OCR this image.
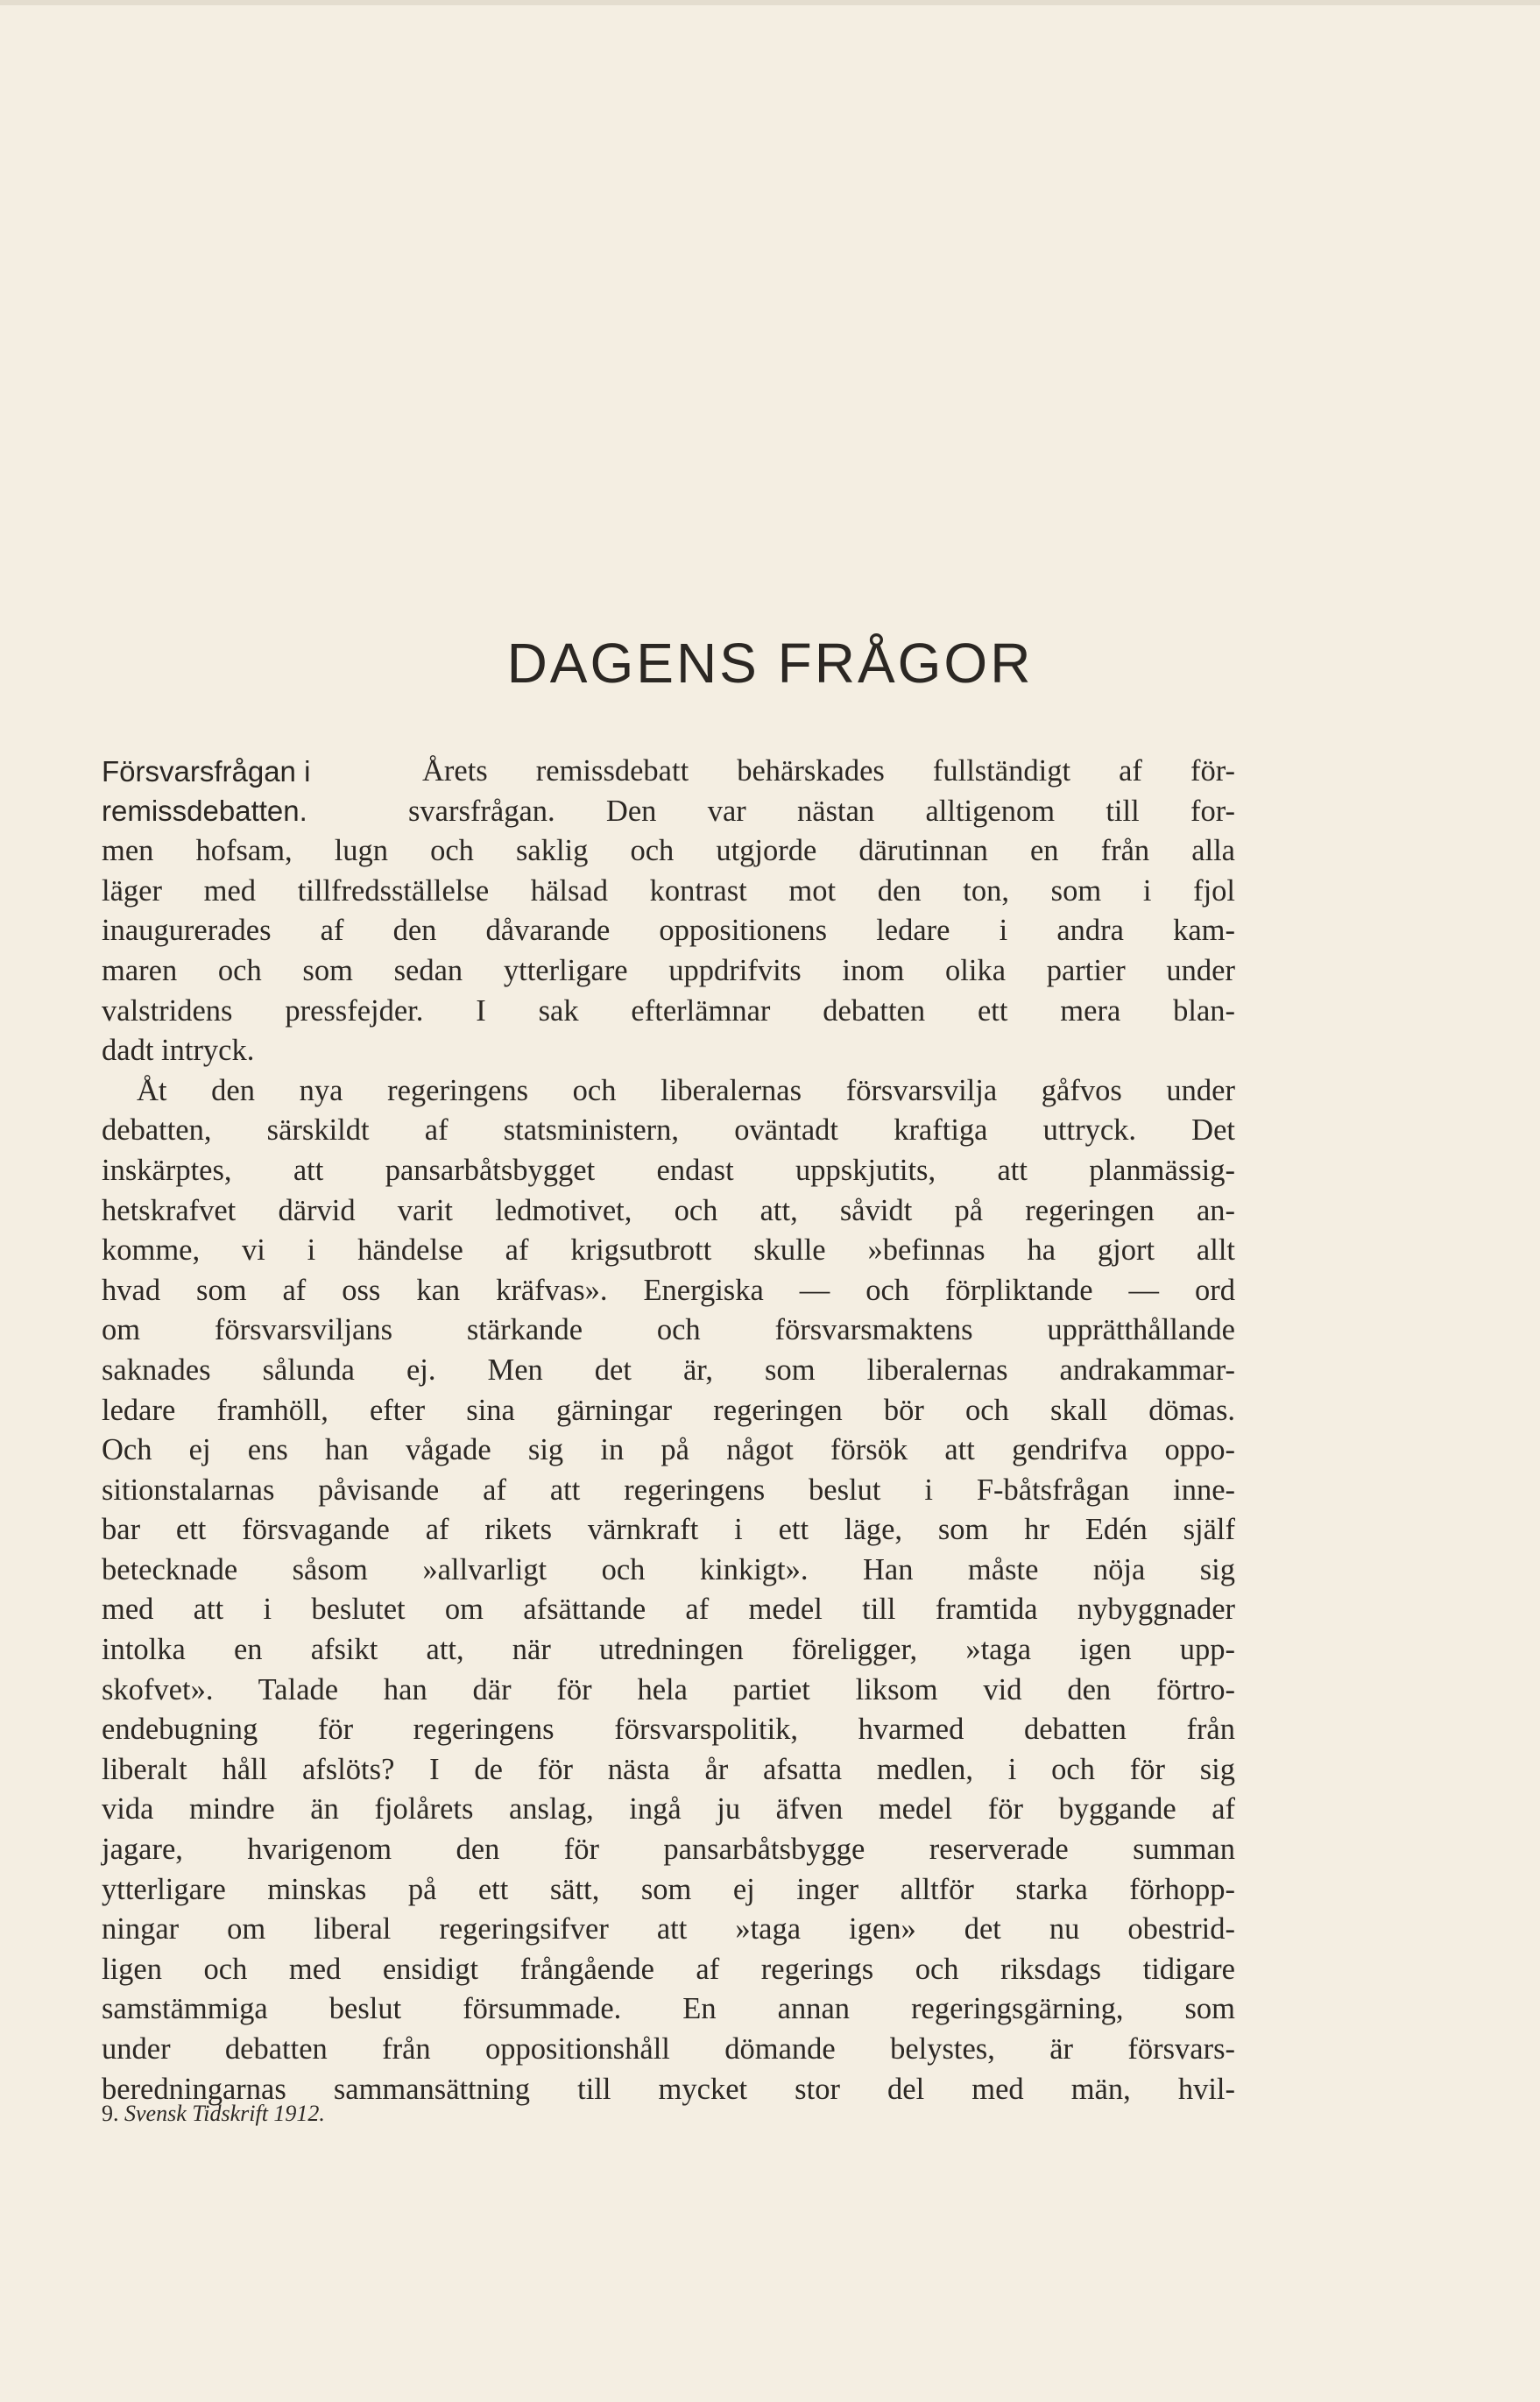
DAGENS FRÅGOR
Försvarsfrågan i
remissdebatten.
Årets remissdebatt behärskades fullständigt af för-
svarsfrågan. Den var nästan alltigenom till for-
men hofsam, lugn och saklig och utgjorde därutinnan en från alla
läger med tillfredsställelse hälsad kontrast mot den ton, som i fjol
inaugurerades af den dåvarande oppositionens ledare i andra kam-
maren och som sedan ytterligare uppdrifvits inom olika partier under
valstridens pressfejder. I sak efterlämnar debatten ett mera blan-
dadt intryck.
Åt den nya regeringens och liberalernas försvarsvilja gåfvos under
debatten, särskildt af statsministern, oväntadt kraftiga uttryck. Det
inskärptes, att pansarbåtsbygget endast uppskjutits, att planmässig-
hetskrafvet därvid varit ledmotivet, och att, såvidt på regeringen an-
komme, vi i händelse af krigsutbrott skulle »befinnas ha gjort allt
hvad som af oss kan kräfvas». Energiska — och förpliktande — ord
om försvarsviljans stärkande och försvarsmaktens upprätthållande
saknades sålunda ej. Men det är, som liberalernas andrakammar-
ledare framhöll, efter sina gärningar regeringen bör och skall dömas.
Och ej ens han vågade sig in på något försök att gendrifva oppo-
sitionstalarnas påvisande af att regeringens beslut i F-båtsfrågan inne-
bar ett försvagande af rikets värnkraft i ett läge, som hr Edén själf
betecknade såsom »allvarligt och kinkigt». Han måste nöja sig
med att i beslutet om afsättande af medel till framtida nybyggnader
intolka en afsikt att, när utredningen föreligger, »taga igen upp-
skofvet». Talade han där för hela partiet liksom vid den förtro-
endebugning för regeringens försvarspolitik, hvarmed debatten från
liberalt håll afslöts? I de för nästa år afsatta medlen, i och för sig
vida mindre än fjolårets anslag, ingå ju äfven medel för byggande af
jagare, hvarigenom den för pansarbåtsbygge reserverade summan
ytterligare minskas på ett sätt, som ej inger alltför starka förhopp-
ningar om liberal regeringsifver att »taga igen» det nu obestrid-
ligen och med ensidigt frångående af regerings och riksdags tidigare
samstämmiga beslut försummade. En annan regeringsgärning, som
under debatten från oppositionshåll dömande belystes, är försvars-
beredningarnas sammansättning till mycket stor del med män, hvil-
9. Svensk Tidskrift 1912.
